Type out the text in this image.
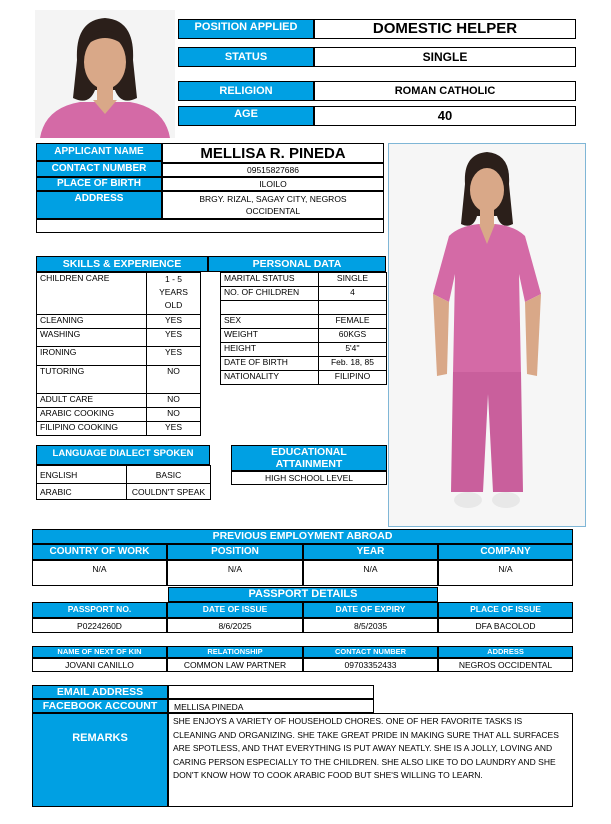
POSITION APPLIED	DOMESTIC HELPER
STATUS	SINGLE
RELIGION	ROMAN CATHOLIC
AGE	40
APPLICANT NAME	MELLISA R. PINEDA
CONTACT NUMBER	09515827686
PLACE OF BIRTH	ILOILO
ADDRESS	BRGY. RIZAL, SAGAY CITY, NEGROS OCCIDENTAL
SKILLS & EXPERIENCE
CHILDREN CARE	1 - 5 YEARS OLD
CLEANING	YES
WASHING	YES
IRONING	YES
TUTORING	NO
ADULT CARE	NO
ARABIC COOKING	NO
FILIPINO COOKING	YES
PERSONAL DATA
MARITAL STATUS	SINGLE
NO. OF CHILDREN	4

SEX	FEMALE
WEIGHT	60KGS
HEIGHT	5'4''
DATE OF BIRTH	Feb. 18, 85
NATIONALITY	FILIPINO
LANGUAGE DIALECT SPOKEN
ENGLISH	BASIC
ARABIC	COULDN'T SPEAK
EDUCATIONAL ATTAINMENT
HIGH SCHOOL LEVEL
PREVIOUS EMPLOYMENT ABROAD
COUNTRY OF WORK	POSITION	YEAR	COMPANY
N/A	N/A	N/A	N/A
PASSPORT DETAILS
PASSPORT NO.	DATE OF ISSUE	DATE OF EXPIRY	PLACE OF ISSUE
P0224260D	8/6/2025	8/5/2035	DFA BACOLOD
NAME OF NEXT OF KIN	RELATIONSHIP	CONTACT NUMBER	ADDRESS
JOVANI CANILLO	COMMON LAW PARTNER	09703352433	NEGROS OCCIDENTAL
EMAIL ADDRESS
FACEBOOK ACCOUNT	MELLISA PINEDA
REMARKS
SHE ENJOYS A VARIETY OF HOUSEHOLD CHORES. ONE OF HER FAVORITE TASKS IS CLEANING AND ORGANIZING. SHE TAKE GREAT PRIDE IN MAKING SURE THAT ALL SURFACES ARE SPOTLESS, AND THAT EVERYTHING IS PUT AWAY NEATLY. SHE IS A JOLLY, LOVING AND CARING PERSON ESPECIALLY TO THE CHILDREN. SHE ALSO LIKE TO DO LAUNDRY AND SHE DON'T KNOW HOW TO COOK ARABIC FOOD BUT SHE'S WILLING TO LEARN.
